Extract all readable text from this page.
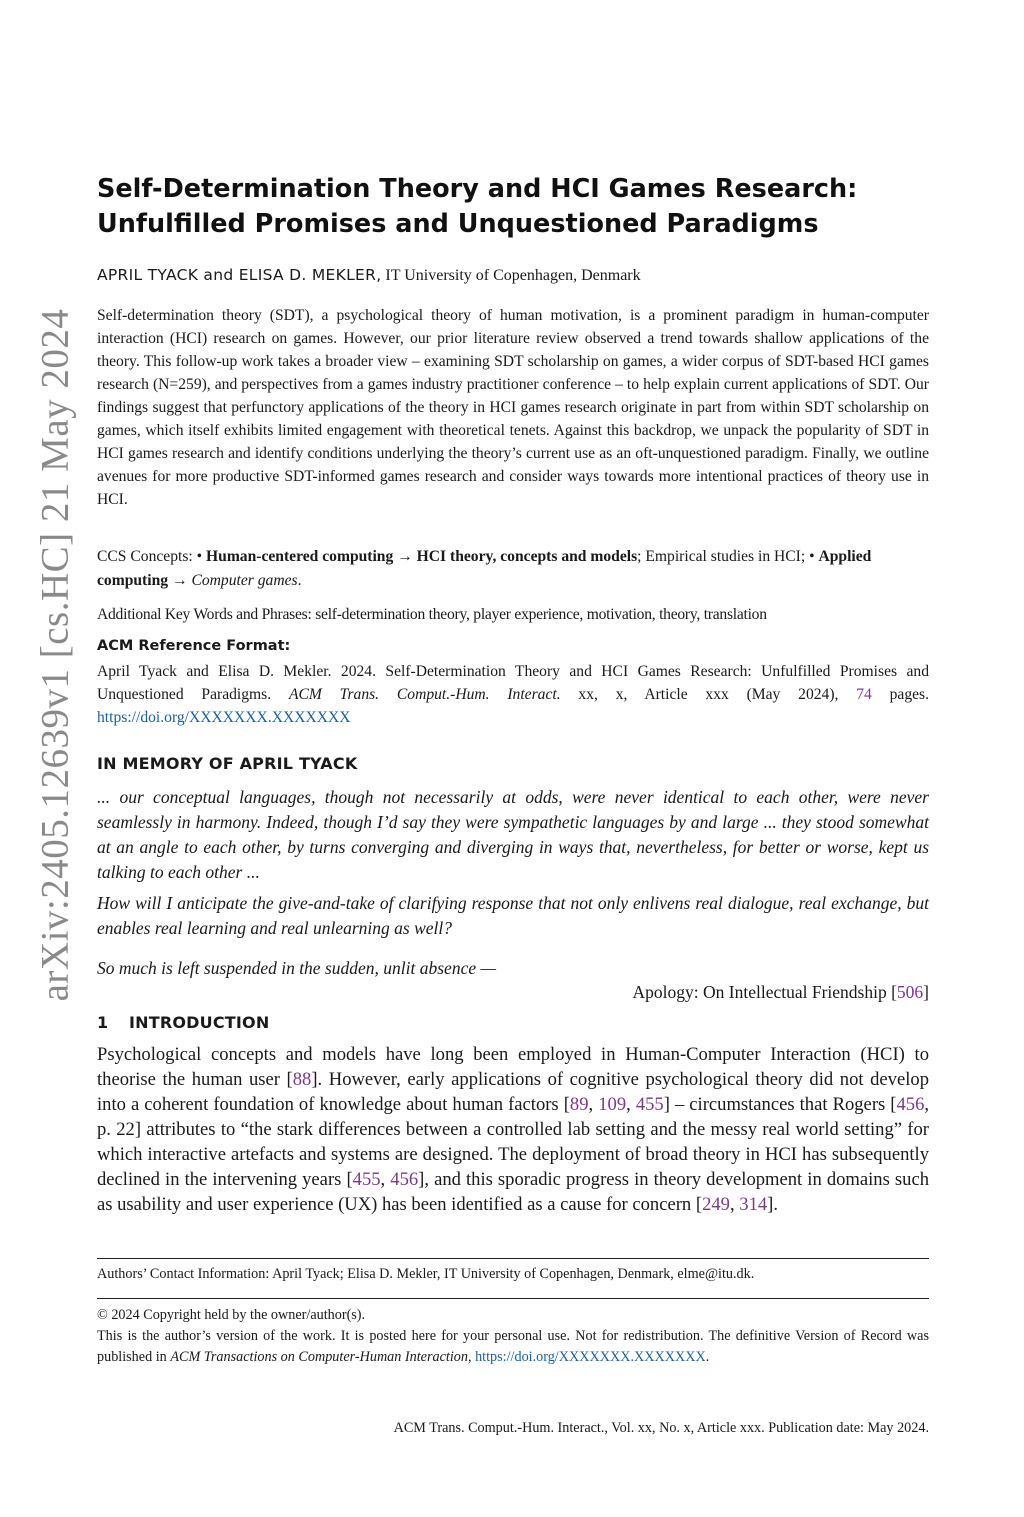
arXiv:2405.12639v1 [cs.HC] 21 May 2024
Self-Determination Theory and HCI Games Research: Unfulfilled Promises and Unquestioned Paradigms
APRIL TYACK and ELISA D. MEKLER, IT University of Copenhagen, Denmark

Self-determination theory (SDT), a psychological theory of human motivation, is a prominent paradigm in human-computer interaction (HCI) research on games. However, our prior literature review observed a trend towards shallow applications of the theory. This follow-up work takes a broader view – examining SDT scholarship on games, a wider corpus of SDT-based HCI games research (N=259), and perspectives from a games industry practitioner conference – to help explain current applications of SDT. Our findings suggest that perfunctory applications of the theory in HCI games research originate in part from within SDT scholarship on games, which itself exhibits limited engagement with theoretical tenets. Against this backdrop, we unpack the popularity of SDT in HCI games research and identify conditions underlying the theory’s current use as an oft-unquestioned paradigm. Finally, we outline avenues for more productive SDT-informed games research and consider ways towards more intentional practices of theory use in HCI.

CCS Concepts: • Human-centered computing → HCI theory, concepts and models; Empirical studies in HCI; • Applied computing → Computer games.

Additional Key Words and Phrases: self-determination theory, player experience, motivation, theory, translation

ACM Reference Format:

April Tyack and Elisa D. Mekler. 2024. Self-Determination Theory and HCI Games Research: Unfulfilled Promises and Unquestioned Paradigms. ACM Trans. Comput.-Hum. Interact. xx, x, Article xxx (May 2024), 74 pages. https://doi.org/XXXXXXX.XXXXXXX

IN MEMORY OF APRIL TYACK

... our conceptual languages, though not necessarily at odds, were never identical to each other, were never seamlessly in harmony. Indeed, though I’d say they were sympathetic languages by and large ... they stood somewhat at an angle to each other, by turns converging and diverging in ways that, nevertheless, for better or worse, kept us talking to each other ...

How will I anticipate the give-and-take of clarifying response that not only enlivens real dialogue, real exchange, but enables real learning and real unlearning as well?

So much is left suspended in the sudden, unlit absence —

Apology: On Intellectual Friendship [506]
1 INTRODUCTION

Psychological concepts and models have long been employed in Human-Computer Interaction (HCI) to theorise the human user [88]. However, early applications of cognitive psychological theory did not develop into a coherent foundation of knowledge about human factors [89, 109, 455] – circumstances that Rogers [456, p. 22] attributes to “the stark differences between a controlled lab setting and the messy real world setting” for which interactive artefacts and systems are designed. The deployment of broad theory in HCI has subsequently declined in the intervening years [455, 456], and this sporadic progress in theory development in domains such as usability and user experience (UX) has been identified as a cause for concern [249, 314].

Authors’ Contact Information: April Tyack; Elisa D. Mekler, IT University of Copenhagen, Denmark, elme@itu.dk.

© 2024 Copyright held by the owner/author(s).

This is the author’s version of the work. It is posted here for your personal use. Not for redistribution. The definitive Version of Record was published in ACM Transactions on Computer-Human Interaction, https://doi.org/XXXXXXX.XXXXXXX.

ACM Trans. Comput.-Hum. Interact., Vol. xx, No. x, Article xxx. Publication date: May 2024.
